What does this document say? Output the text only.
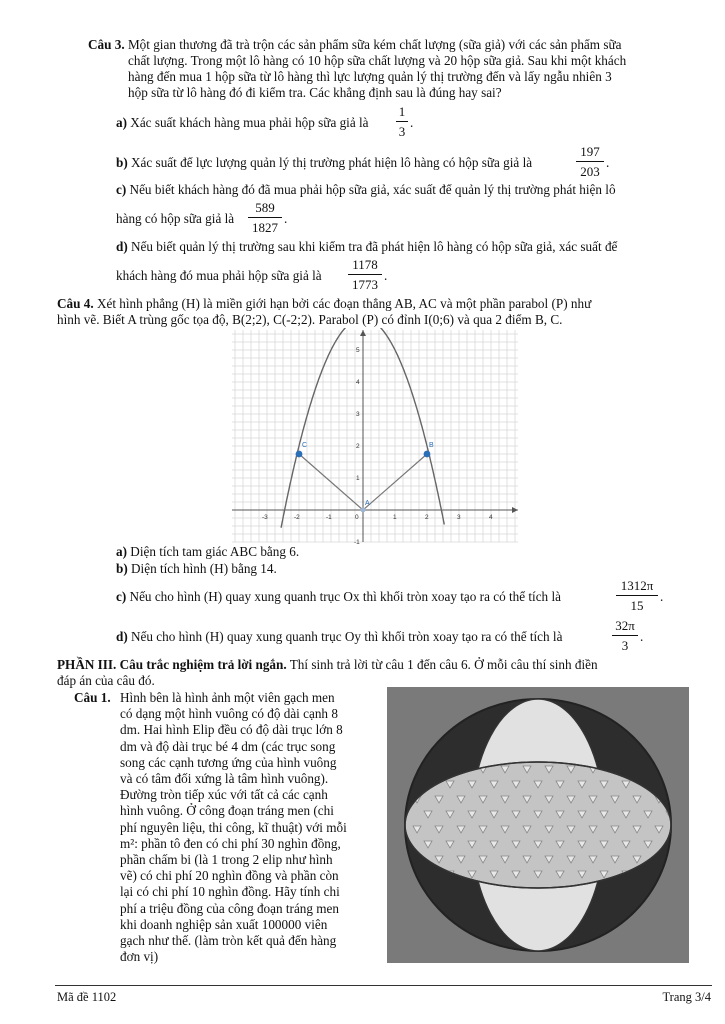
Câu 3. Một gian thương đã trà trộn các sản phẩm sữa kém chất lượng (sữa giả) với các sản phẩm sữa
chất lượng. Trong một lô hàng có 10 hộp sữa chất lượng và 20 hộp sữa giả. Sau khi một khách
hàng đến mua 1 hộp sữa từ lô hàng thì lực lượng quản lý thị trường đến và lấy ngẫu nhiên 3
hộp sữa từ lô hàng đó đi kiểm tra. Các khẳng định sau là đúng hay sai?
a) Xác suất khách hàng mua phải hộp sữa giả là
1
3
.
b) Xác suất để lực lượng quản lý thị trường phát hiện lô hàng có hộp sữa giả là
197
203
.
c) Nếu biết khách hàng đó đã mua phải hộp sữa giả, xác suất để quản lý thị trường phát hiện lô
hàng có hộp sữa giả là
589
1827
.
d) Nếu biết quản lý thị trường sau khi kiểm tra đã phát hiện lô hàng có hộp sữa giả, xác suất để
khách hàng đó mua phải hộp sữa giả là
1178
1773
.
Câu 4. Xét hình phẳng (H) là miền giới hạn bởi các đoạn thẳng AB, AC và một phần parabol (P) như
hình vẽ. Biết A trùng gốc tọa độ, B(2;2), C(-2;2). Parabol (P) có đỉnh I(0;6) và qua 2 điểm B, C.
-3	-2	-1	0	1	2	3	4
5
4
3
2
1
-1
C	B
A
a) Diện tích tam giác ABC bằng 6.
b) Diện tích hình (H) bằng 14.
c) Nếu cho hình (H) quay xung quanh trục Ox thì khối tròn xoay tạo ra có thể tích là
1312π
15
.
d) Nếu cho hình (H) quay xung quanh trục Oy thì khối tròn xoay tạo ra có thể tích là
32π
3
.
PHẦN III. Câu trắc nghiệm trả lời ngắn. Thí sinh trả lời từ câu 1 đến câu 6. Ở mỗi câu thí sinh điền
đáp án của câu đó.
Câu 1. Hình bên là hình ảnh một viên gạch men
có dạng một hình vuông có độ dài cạnh 8
dm. Hai hình Elip đều có độ dài trục lớn 8
dm và độ dài trục bé 4 dm (các trục song
song các cạnh tương ứng của hình vuông
và có tâm đối xứng là tâm hình vuông).
Đường tròn tiếp xúc với tất cả các cạnh
hình vuông. Ở công đoạn tráng men (chi
phí nguyên liệu, thi công, kĩ thuật) với mỗi
m²: phần tô đen có chi phí 30 nghìn đồng,
phần chấm bi (là 1 trong 2 elip như hình
vẽ) có chi phí 20 nghìn đồng và phần còn
lại có chi phí 10 nghìn đồng. Hãy tính chi
phí a triệu đồng của công đoạn tráng men
khi doanh nghiệp sản xuất 100000 viên
gạch như thế. (làm tròn kết quả đến hàng
đơn vị)
Mã đề 1102	Trang 3/4
